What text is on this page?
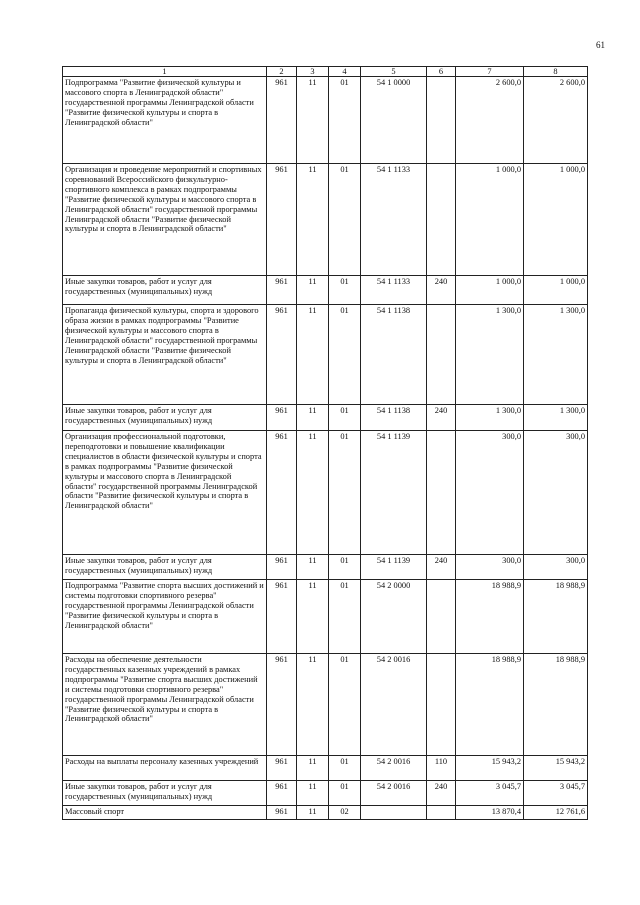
61
1	2	3	4	5	6	7	8
Подпрограмма "Развитие физической культуры и массового спорта в Ленинградской области" государственной программы Ленинградской области "Развитие физической культуры и спорта в Ленинградской области"	961	11	01	54 1 0000		2 600,0	2 600,0
Организация и проведение мероприятий и спортивных соревнований Всероссийского физкультурно-спортивного комплекса в рамках подпрограммы "Развитие физической культуры и массового спорта в Ленинградской области" государственной программы Ленинградской области "Развитие физической культуры и спорта в Ленинградской области"	961	11	01	54 1 1133		1 000,0	1 000,0
Иные закупки товаров, работ и услуг для государственных (муниципальных) нужд	961	11	01	54 1 1133	240	1 000,0	1 000,0
Пропаганда физической культуры, спорта и здорового образа жизни в рамках подпрограммы "Развитие физической культуры и массового спорта в Ленинградской области" государственной программы Ленинградской области "Развитие физической культуры и спорта в Ленинградской области"	961	11	01	54 1 1138		1 300,0	1 300,0
Иные закупки товаров, работ и услуг для государственных (муниципальных) нужд	961	11	01	54 1 1138	240	1 300,0	1 300,0
Организация профессиональной подготовки, переподготовки и повышение квалификации специалистов в области физической культуры и спорта в рамках подпрограммы "Развитие физической культуры и массового спорта в Ленинградской области" государственной программы Ленинградской области "Развитие физической культуры и спорта в Ленинградской области"	961	11	01	54 1 1139		300,0	300,0
Иные закупки товаров, работ и услуг для государственных (муниципальных) нужд	961	11	01	54 1 1139	240	300,0	300,0
Подпрограмма "Развитие спорта высших достижений и системы подготовки спортивного резерва" государственной программы Ленинградской области "Развитие физической культуры и спорта в Ленинградской области"	961	11	01	54 2 0000		18 988,9	18 988,9
Расходы на обеспечение деятельности государственных казенных учреждений в рамках подпрограммы "Развитие спорта высших достижений и системы подготовки спортивного резерва" государственной программы Ленинградской области "Развитие физической культуры и спорта в Ленинградской области"	961	11	01	54 2 0016		18 988,9	18 988,9
Расходы на выплаты персоналу казенных учреждений	961	11	01	54 2 0016	110	15 943,2	15 943,2
Иные закупки товаров, работ и услуг для государственных (муниципальных) нужд	961	11	01	54 2 0016	240	3 045,7	3 045,7
Массовый спорт	961	11	02			13 870,4	12 761,6
